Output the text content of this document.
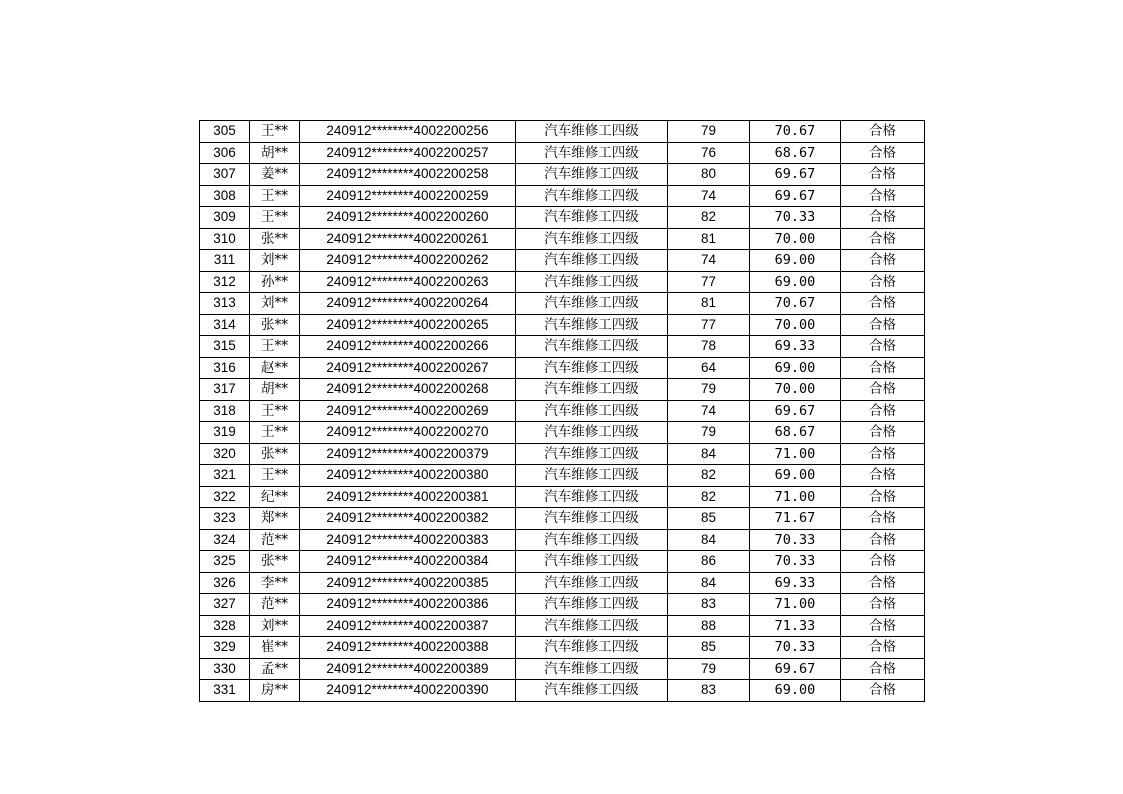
305	王**	240912********4002200256	汽车维修工四级	79	70.67	合格
306	胡**	240912********4002200257	汽车维修工四级	76	68.67	合格
307	姜**	240912********4002200258	汽车维修工四级	80	69.67	合格
308	王**	240912********4002200259	汽车维修工四级	74	69.67	合格
309	王**	240912********4002200260	汽车维修工四级	82	70.33	合格
310	张**	240912********4002200261	汽车维修工四级	81	70.00	合格
311	刘**	240912********4002200262	汽车维修工四级	74	69.00	合格
312	孙**	240912********4002200263	汽车维修工四级	77	69.00	合格
313	刘**	240912********4002200264	汽车维修工四级	81	70.67	合格
314	张**	240912********4002200265	汽车维修工四级	77	70.00	合格
315	王**	240912********4002200266	汽车维修工四级	78	69.33	合格
316	赵**	240912********4002200267	汽车维修工四级	64	69.00	合格
317	胡**	240912********4002200268	汽车维修工四级	79	70.00	合格
318	王**	240912********4002200269	汽车维修工四级	74	69.67	合格
319	王**	240912********4002200270	汽车维修工四级	79	68.67	合格
320	张**	240912********4002200379	汽车维修工四级	84	71.00	合格
321	王**	240912********4002200380	汽车维修工四级	82	69.00	合格
322	纪**	240912********4002200381	汽车维修工四级	82	71.00	合格
323	郑**	240912********4002200382	汽车维修工四级	85	71.67	合格
324	范**	240912********4002200383	汽车维修工四级	84	70.33	合格
325	张**	240912********4002200384	汽车维修工四级	86	70.33	合格
326	李**	240912********4002200385	汽车维修工四级	84	69.33	合格
327	范**	240912********4002200386	汽车维修工四级	83	71.00	合格
328	刘**	240912********4002200387	汽车维修工四级	88	71.33	合格
329	崔**	240912********4002200388	汽车维修工四级	85	70.33	合格
330	孟**	240912********4002200389	汽车维修工四级	79	69.67	合格
331	房**	240912********4002200390	汽车维修工四级	83	69.00	合格
